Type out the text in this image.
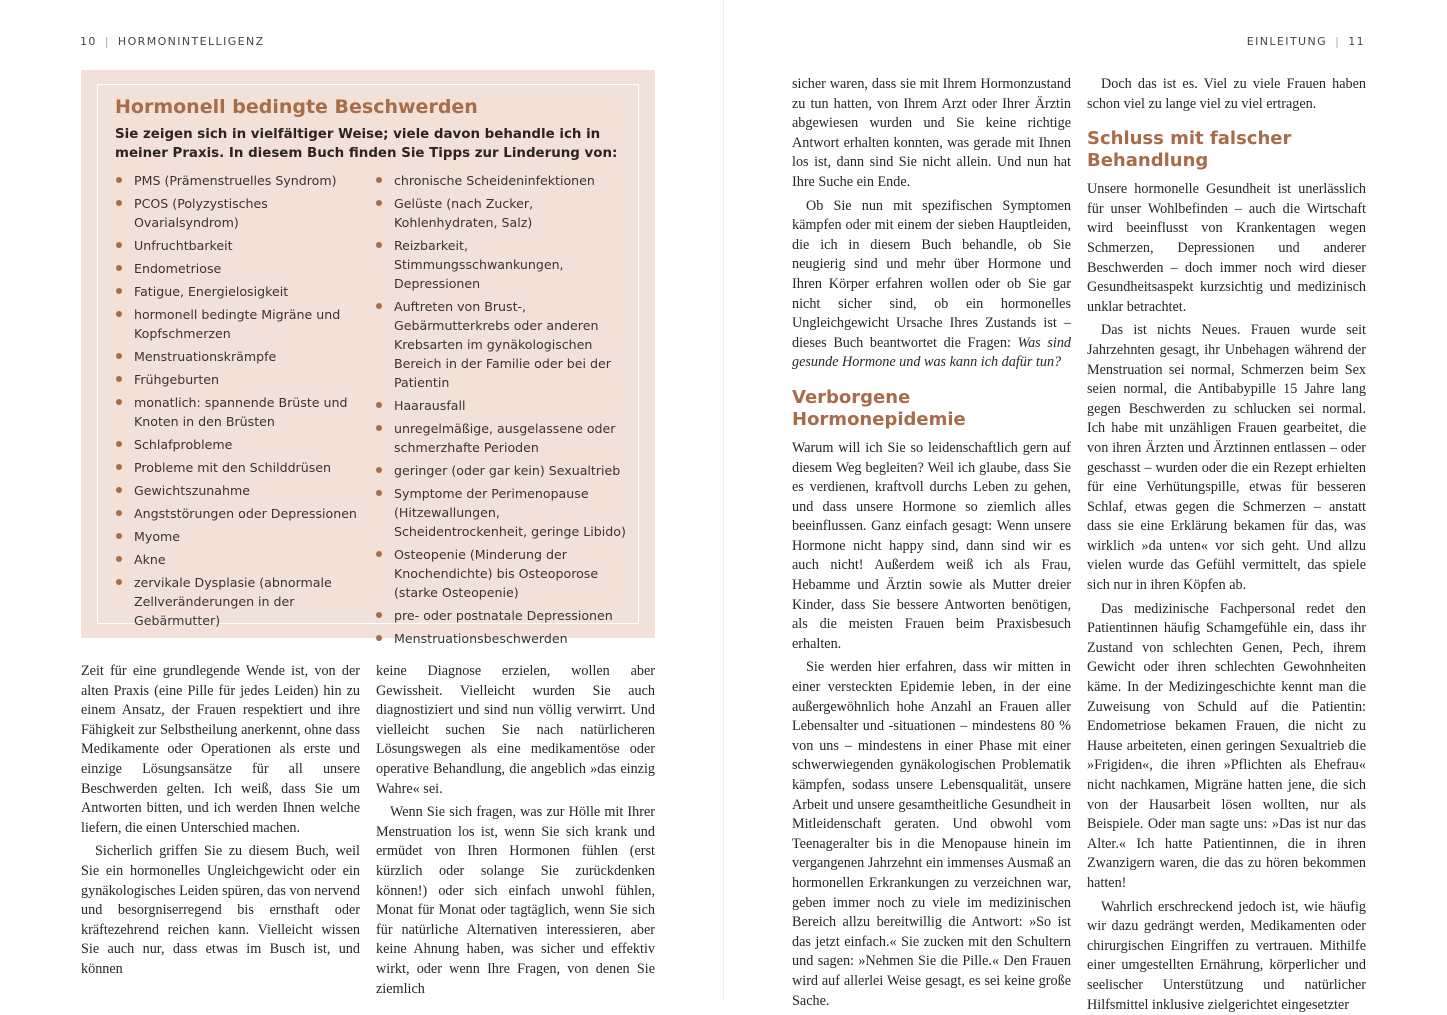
10 | HORMONINTELLIGENZ	EINLEITUNG | 11
Hormonell bedingte Beschwerden

Sie zeigen sich in vielfältiger Weise; viele davon behandle ich in meiner Praxis. In diesem Buch finden Sie Tipps zur Linderung von:

PMS (Prämenstruelles Syndrom)
PCOS (Polyzystisches Ovarialsyndrom)
Unfruchtbarkeit
Endometriose
Fatigue, Energielosigkeit
hormonell bedingte Migräne und Kopfschmerzen
Menstruationskrämpfe
Frühgeburten
monatlich: spannende Brüste und Knoten in den Brüsten
Schlafprobleme
Probleme mit den Schilddrüsen
Gewichtszunahme
Angststörungen oder Depressionen
Myome
Akne
zervikale Dysplasie (abnormale Zellveränderungen in der Gebärmutter)
chronische Scheideninfektionen
Gelüste (nach Zucker, Kohlenhydraten, Salz)
Reizbarkeit, Stimmungsschwankungen, Depressionen
Auftreten von Brust-, Gebärmutterkrebs oder anderen Krebsarten im gynäkologischen Bereich in der Familie oder bei der Patientin
Haarausfall
unregelmäßige, ausgelassene oder schmerzhafte Perioden
geringer (oder gar kein) Sexualtrieb
Symptome der Perimenopause (Hitzewallungen, Scheidentrockenheit, geringe Libido)
Osteopenie (Minderung der Knochendichte) bis Osteoporose (starke Osteopenie)
pre- oder postnatale Depressionen
Menstruationsbeschwerden

Zeit für eine grundlegende Wende ist, von der alten Praxis (eine Pille für jedes Leiden) hin zu einem Ansatz, der Frauen respektiert und ihre Fähigkeit zur Selbstheilung anerkennt, ohne dass Medikamente oder Operationen als erste und einzige Lösungsansätze für all unsere Beschwerden gelten. Ich weiß, dass Sie um Antworten bitten, und ich werden Ihnen welche liefern, die einen Unterschied machen.

Sicherlich griffen Sie zu diesem Buch, weil Sie ein hormonelles Ungleichgewicht oder ein gynäkologisches Leiden spüren, das von nervend und besorgniserregend bis ernsthaft oder kräftezehrend reichen kann. Vielleicht wissen Sie auch nur, dass etwas im Busch ist, und können

keine Diagnose erzielen, wollen aber Gewissheit. Vielleicht wurden Sie auch diagnostiziert und sind nun völlig verwirrt. Und vielleicht suchen Sie nach natürlicheren Lösungswegen als eine medikamentöse oder operative Behandlung, die angeblich »das einzig Wahre« sei.

Wenn Sie sich fragen, was zur Hölle mit Ihrer Menstruation los ist, wenn Sie sich krank und ermüdet von Ihren Hormonen fühlen (erst kürzlich oder solange Sie zurückdenken können!) oder sich einfach unwohl fühlen, Monat für Monat oder tagtäglich, wenn Sie sich für natürliche Alternativen interessieren, aber keine Ahnung haben, was sicher und effektiv wirkt, oder wenn Ihre Fragen, von denen Sie ziemlich

sicher waren, dass sie mit Ihrem Hormonzustand zu tun hatten, von Ihrem Arzt oder Ihrer Ärztin abgewiesen wurden und Sie keine richtige Antwort erhalten konnten, was gerade mit Ihnen los ist, dann sind Sie nicht allein. Und nun hat Ihre Suche ein Ende.

Ob Sie nun mit spezifischen Symptomen kämpfen oder mit einem der sieben Hauptleiden, die ich in diesem Buch behandle, ob Sie neugierig sind und mehr über Hormone und Ihren Körper erfahren wollen oder ob Sie gar nicht sicher sind, ob ein hormonelles Ungleichgewicht Ursache Ihres Zustands ist – dieses Buch beantwortet die Fragen: Was sind gesunde Hormone und was kann ich dafür tun?

Verborgene Hormonepidemie

Warum will ich Sie so leidenschaftlich gern auf diesem Weg begleiten? Weil ich glaube, dass Sie es verdienen, kraftvoll durchs Leben zu gehen, und dass unsere Hormone so ziemlich alles beeinflussen. Ganz einfach gesagt: Wenn unsere Hormone nicht happy sind, dann sind wir es auch nicht! Außerdem weiß ich als Frau, Hebamme und Ärztin sowie als Mutter dreier Kinder, dass Sie bessere Antworten benötigen, als die meisten Frauen beim Praxisbesuch erhalten.

Sie werden hier erfahren, dass wir mitten in einer versteckten Epidemie leben, in der eine außergewöhnlich hohe Anzahl an Frauen aller Lebensalter und -situationen – mindestens 80 % von uns – mindestens in einer Phase mit einer schwerwiegenden gynäkologischen Problematik kämpfen, sodass unsere Lebensqualität, unsere Arbeit und unsere gesamtheitliche Gesundheit in Mitleidenschaft geraten. Und obwohl vom Teenageralter bis in die Menopause hinein im vergangenen Jahrzehnt ein immenses Ausmaß an hormonellen Erkrankungen zu verzeichnen war, geben immer noch zu viele im medizinischen Bereich allzu bereitwillig die Antwort: »So ist das jetzt einfach.« Sie zucken mit den Schultern und sagen: »Nehmen Sie die Pille.« Den Frauen wird auf allerlei Weise gesagt, es sei keine große Sache.

Doch das ist es. Viel zu viele Frauen haben schon viel zu lange viel zu viel ertragen.

Schluss mit falscher Behandlung

Unsere hormonelle Gesundheit ist unerlässlich für unser Wohlbefinden – auch die Wirtschaft wird beeinflusst von Krankentagen wegen Schmerzen, Depressionen und anderer Beschwerden – doch immer noch wird dieser Gesundheitsaspekt kurzsichtig und medizinisch unklar betrachtet.

Das ist nichts Neues. Frauen wurde seit Jahrzehnten gesagt, ihr Unbehagen während der Menstruation sei normal, Schmerzen beim Sex seien normal, die Antibabypille 15 Jahre lang gegen Beschwerden zu schlucken sei normal. Ich habe mit unzähligen Frauen gearbeitet, die von ihren Ärzten und Ärztinnen entlassen – oder geschasst – wurden oder die ein Rezept erhielten für eine Verhütungspille, etwas für besseren Schlaf, etwas gegen die Schmerzen – anstatt dass sie eine Erklärung bekamen für das, was wirklich »da unten« vor sich geht. Und allzu vielen wurde das Gefühl vermittelt, das spiele sich nur in ihren Köpfen ab.

Das medizinische Fachpersonal redet den Patientinnen häufig Schamgefühle ein, dass ihr Zustand von schlechten Genen, Pech, ihrem Gewicht oder ihren schlechten Gewohnheiten käme. In der Medizingeschichte kennt man die Zuweisung von Schuld auf die Patientin: Endometriose bekamen Frauen, die nicht zu Hause arbeiteten, einen geringen Sexualtrieb die »Frigiden«, die ihren »Pflichten als Ehefrau« nicht nachkamen, Migräne hatten jene, die sich von der Hausarbeit lösen wollten, nur als Beispiele. Oder man sagte uns: »Das ist nur das Alter.« Ich hatte Patientinnen, die in ihren Zwanzigern waren, die das zu hören bekommen hatten!

Wahrlich erschreckend jedoch ist, wie häufig wir dazu gedrängt werden, Medikamenten oder chirurgischen Eingriffen zu vertrauen. Mithilfe einer umgestellten Ernährung, körperlicher und seelischer Unterstützung und natürlicher Hilfsmittel inklusive zielgerichtet eingesetzter
